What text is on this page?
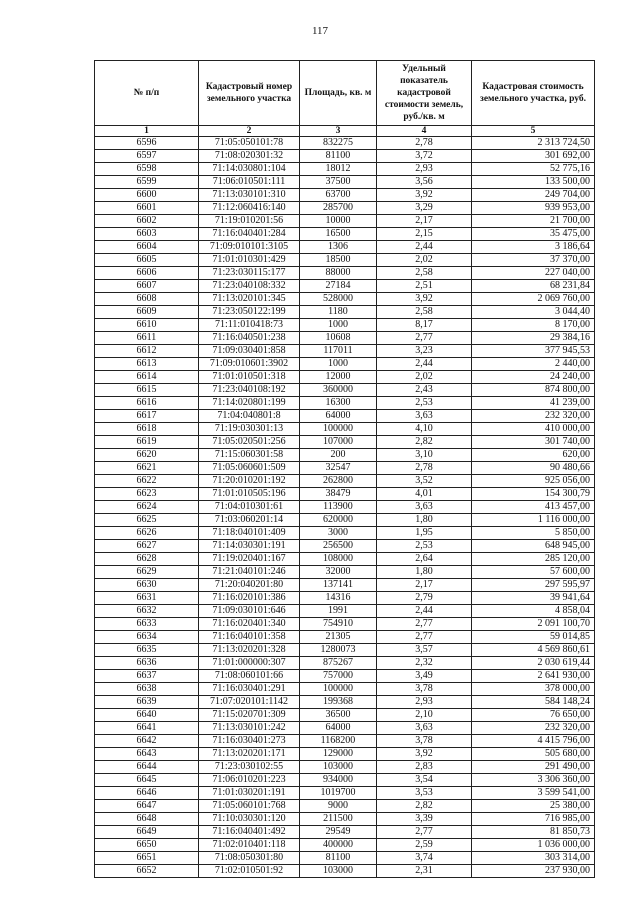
117
№ п/п	Кадастровый номер земельного участка	Площадь, кв. м	Удельный показатель кадастровой стоимости земель, руб./кв. м	Кадастровая стоимость земельного участка, руб.
1	2	3	4	5
6596	71:05:050101:78	832275	2,78	2 313 724,50
6597	71:08:020301:32	81100	3,72	301 692,00
6598	71:14:030801:104	18012	2,93	52 775,16
6599	71:06:010501:111	37500	3,56	133 500,00
6600	71:13:030101:310	63700	3,92	249 704,00
6601	71:12:060416:140	285700	3,29	939 953,00
6602	71:19:010201:56	10000	2,17	21 700,00
6603	71:16:040401:284	16500	2,15	35 475,00
6604	71:09:010101:3105	1306	2,44	3 186,64
6605	71:01:010301:429	18500	2,02	37 370,00
6606	71:23:030115:177	88000	2,58	227 040,00
6607	71:23:040108:332	27184	2,51	68 231,84
6608	71:13:020101:345	528000	3,92	2 069 760,00
6609	71:23:050122:199	1180	2,58	3 044,40
6610	71:11:010418:73	1000	8,17	8 170,00
6611	71:16:040501:238	10608	2,77	29 384,16
6612	71:09:030401:858	117011	3,23	377 945,53
6613	71:09:010601:3902	1000	2,44	2 440,00
6614	71:01:010501:318	12000	2,02	24 240,00
6615	71:23:040108:192	360000	2,43	874 800,00
6616	71:14:020801:199	16300	2,53	41 239,00
6617	71:04:040801:8	64000	3,63	232 320,00
6618	71:19:030301:13	100000	4,10	410 000,00
6619	71:05:020501:256	107000	2,82	301 740,00
6620	71:15:060301:58	200	3,10	620,00
6621	71:05:060601:509	32547	2,78	90 480,66
6622	71:20:010201:192	262800	3,52	925 056,00
6623	71:01:010505:196	38479	4,01	154 300,79
6624	71:04:010301:61	113900	3,63	413 457,00
6625	71:03:060201:14	620000	1,80	1 116 000,00
6626	71:18:040101:409	3000	1,95	5 850,00
6627	71:14:030301:191	256500	2,53	648 945,00
6628	71:19:020401:167	108000	2,64	285 120,00
6629	71:21:040101:246	32000	1,80	57 600,00
6630	71:20:040201:80	137141	2,17	297 595,97
6631	71:16:020101:386	14316	2,79	39 941,64
6632	71:09:030101:646	1991	2,44	4 858,04
6633	71:16:020401:340	754910	2,77	2 091 100,70
6634	71:16:040101:358	21305	2,77	59 014,85
6635	71:13:020201:328	1280073	3,57	4 569 860,61
6636	71:01:000000:307	875267	2,32	2 030 619,44
6637	71:08:060101:66	757000	3,49	2 641 930,00
6638	71:16:030401:291	100000	3,78	378 000,00
6639	71:07:020101:1142	199368	2,93	584 148,24
6640	71:15:020701:309	36500	2,10	76 650,00
6641	71:13:030101:242	64000	3,63	232 320,00
6642	71:16:030401:273	1168200	3,78	4 415 796,00
6643	71:13:020201:171	129000	3,92	505 680,00
6644	71:23:030102:55	103000	2,83	291 490,00
6645	71:06:010201:223	934000	3,54	3 306 360,00
6646	71:01:030201:191	1019700	3,53	3 599 541,00
6647	71:05:060101:768	9000	2,82	25 380,00
6648	71:10:030301:120	211500	3,39	716 985,00
6649	71:16:040401:492	29549	2,77	81 850,73
6650	71:02:010401:118	400000	2,59	1 036 000,00
6651	71:08:050301:80	81100	3,74	303 314,00
6652	71:02:010501:92	103000	2,31	237 930,00
